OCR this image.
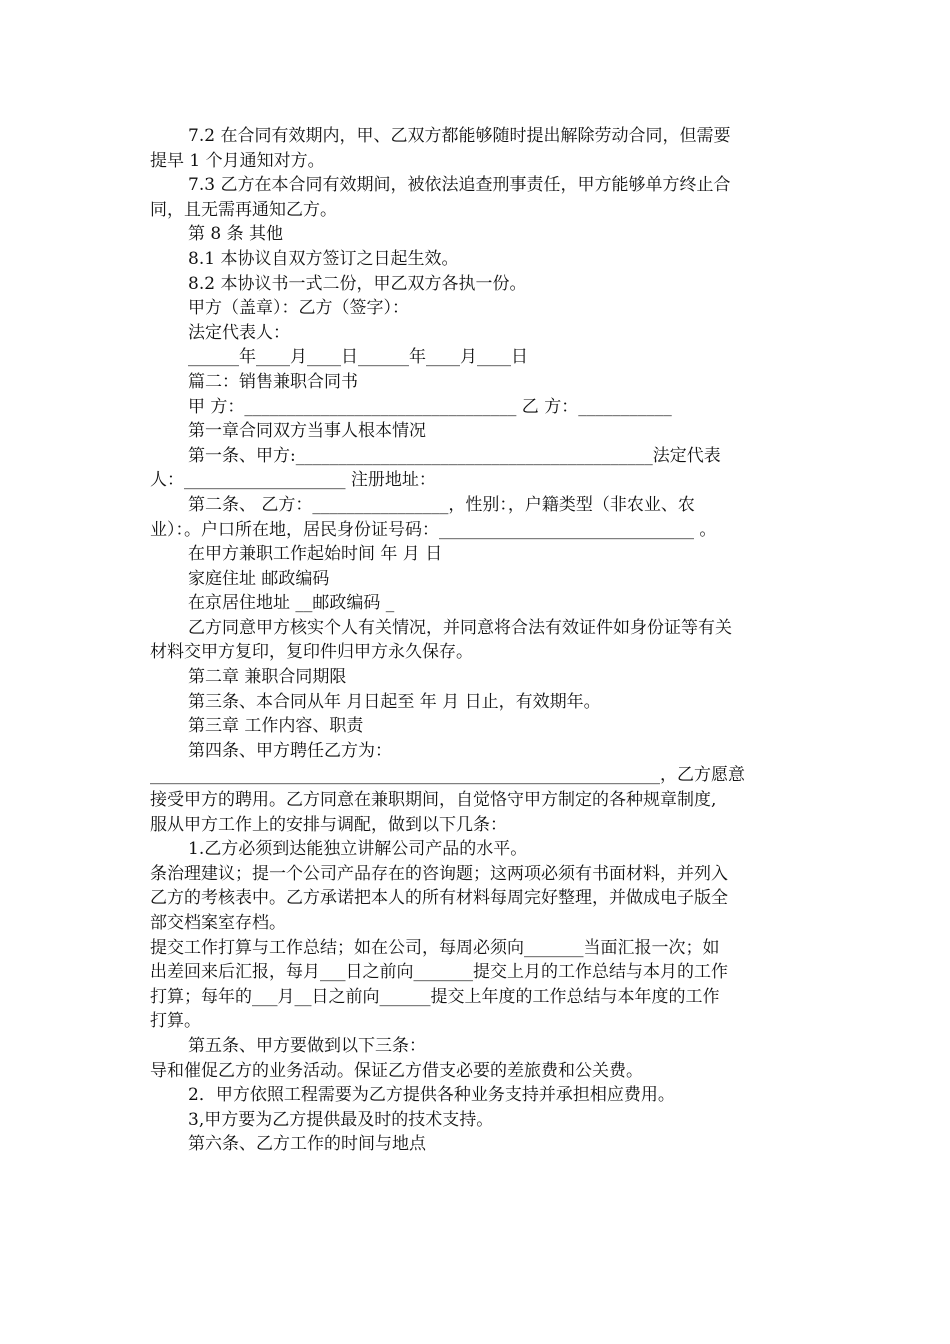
7.2 在合同有效期内，甲、乙双方都能够随时提出解除劳动合同，但需要

提早 1 个月通知对方。

7.3 乙方在本合同有效期间，被依法追查刑事责任，甲方能够单方终止合

同，且无需再通知乙方。

第 8 条 其他

8.1 本协议自双方签订之日起生效。

8.2 本协议书一式二份，甲乙双方各执一份。

甲方（盖章）：乙方（签字）：

法定代表人：

______年____月____日______年____月____日

篇二：销售兼职合同书

甲 方：________________________________ 乙 方：___________

第一章合同双方当事人根本情况

第一条、甲方:__________________________________________法定代表

人：___________________ 注册地址：

第二条、 乙方：________________，性别：，户籍类型（非农业、农

业）：。户口所在地，居民身份证号码：______________________________ 。

在甲方兼职工作起始时间 年 月 日

家庭住址 邮政编码

在京居住地址 __邮政编码 _

乙方同意甲方核实个人有关情况，并同意将合法有效证件如身份证等有关

材料交甲方复印，复印件归甲方永久保存。

第二章 兼职合同期限

第三条、本合同从年 月日起至 年 月 日止，有效期年。

第三章 工作内容、职责

第四条、甲方聘任乙方为：

____________________________________________________________，乙方愿意

接受甲方的聘用。乙方同意在兼职期间，自觉恪守甲方制定的各种规章制度,

服从甲方工作上的安排与调配，做到以下几条：

1.乙方必须到达能独立讲解公司产品的水平。

条治理建议；提一个公司产品存在的咨询题；这两项必须有书面材料，并列入

乙方的考核表中。乙方承诺把本人的所有材料每周完好整理，并做成电子版全

部交档案室存档。

提交工作打算与工作总结；如在公司，每周必须向_______当面汇报一次；如

出差回来后汇报，每月___日之前向_______提交上月的工作总结与本月的工作

打算；每年的___月__日之前向______提交上年度的工作总结与本年度的工作

打算。

第五条、甲方要做到以下三条：

导和催促乙方的业务活动。保证乙方借支必要的差旅费和公关费。

2．甲方依照工程需要为乙方提供各种业务支持并承担相应费用。

3,甲方要为乙方提供最及时的技术支持。

第六条、乙方工作的时间与地点
